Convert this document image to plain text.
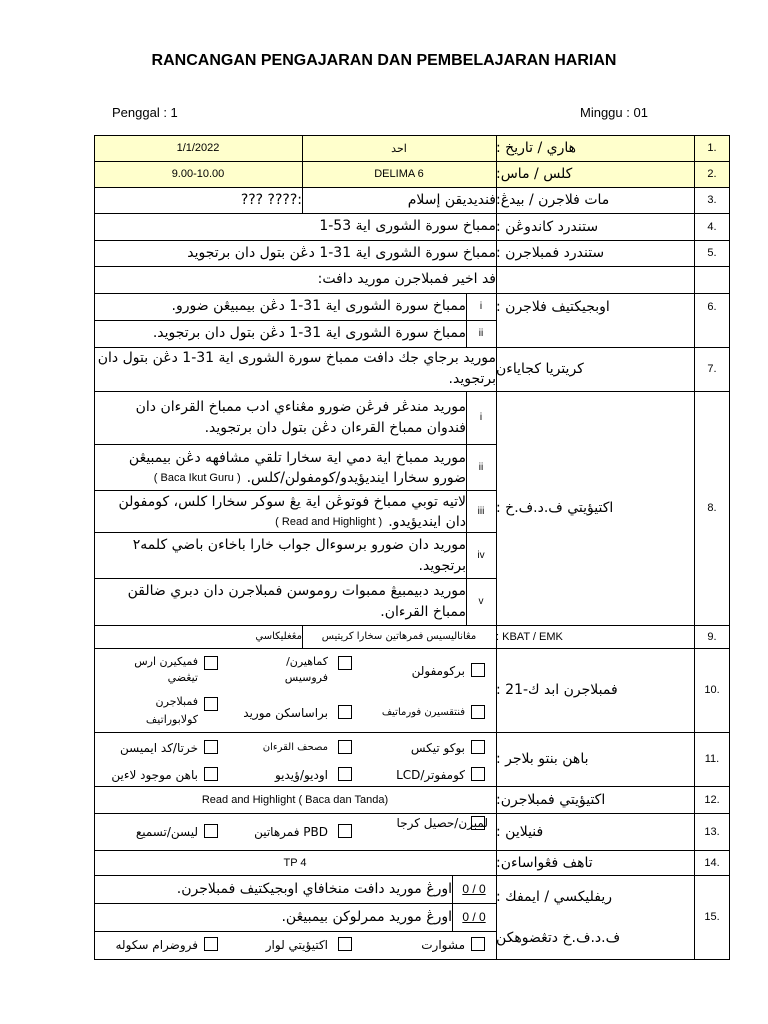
RANCANGAN PENGAJARAN DAN PEMBELAJARAN HARIAN
Penggal : 1	Minggu : 01
1.
هاري / تاريخ :
احد
1/1/2022
2.
كلس / ماس:
DELIMA 6
9.00-10.00
3.
مات فلاجرن / بيدڠ:
فنديديقن إسلام
:???? ???
4.
ستندرد كاندوڠن :
ممباخ سورة الشورى اية 53-1
5.
ستندرد فمبلاجرن :
ممباخ سورة الشورى اية 31-1 دڠن بتول دان برتجويد
6.
اوبجيكتيف فلاجرن :
فد اخير فمبلاجرن موريد دافت:
i
ممباخ سورة الشورى اية 31-1 دڠن بيمبيڠن ضورو.
ii
ممباخ سورة الشورى اية 31-1 دڠن بتول دان برتجويد.
7.
كريتريا كجاياءن
موريد برجاي جك دافت ممباخ سورة الشورى اية 31-1 دڠن بتول دان برتجويد.
8.
اكتيؤيتي ف.د.ف.خ :
i
موريد مندڠر فرڠن ضورو مڠناءي ادب ممباخ القرءان دان
فندوان ممباخ القرءان دڠن بتول دان برتجويد.
ii
موريد ممباخ اية دمي اية سخارا تلقي مشافهه دڠن بيمبيڠن
ضورو سخارا اينديؤيدو/كومفولن/كلس.
( Baca Ikut Guru )
iii
لاتيه توبي ممباخ فوتوڠن اية يڠ سوكر سخارا كلس، كومفولن
دان اينديؤيدو.
( Read and Highlight )
iv
موريد دان ضورو برسوءال جواب خارا باخاءن باضي كلمه٢
برتجويد.
v
موريد دبيمبيڠ ممبوات روموسن فمبلاجرن دان دبري ضالقن
ممباخ القرءان.
9.
KBAT / EMK :
مڠاناليسيس فمرهاتين سخارا كريتيس
مڠغليكاسي
10.
فمبلاجرن ابد ك-21 :
بركومفولن
كماهيرن/ فروسيس
فميكيرن ارس تيڠضي
فنتقسيرن فورماتيف
براساسكن موريد
فمبلاجرن كولابوراتيف
11.
باهن بنتو بلاجر :
بوكو تيكس
مصحف القرءان
خرتا/كد ايميسن
كومفوتر/LCD
اوديو/ؤيديو
باهن موجود لاءين
12.
اكتيؤيتي فمبلاجرن:
Read and Highlight ( Baca dan Tanda)
13.
فنيلاين :
لمبرن/حصيل كرجا
PBD فمرهاتين
ليسن/تسميع
14.
تاهف فڠواساءن:
TP 4
15.
ريفليكسي / ايمفك :
ف.د.ف.خ دتڠضوهكن
0 / 0
اورڠ موريد دافت منخافاي اوبجيكتيف فمبلاجرن.
0 / 0
اورڠ موريد ممرلوكن بيمبيڠن.
مشوارت
اكتيؤيتي لوار
فروضرام سكوله
